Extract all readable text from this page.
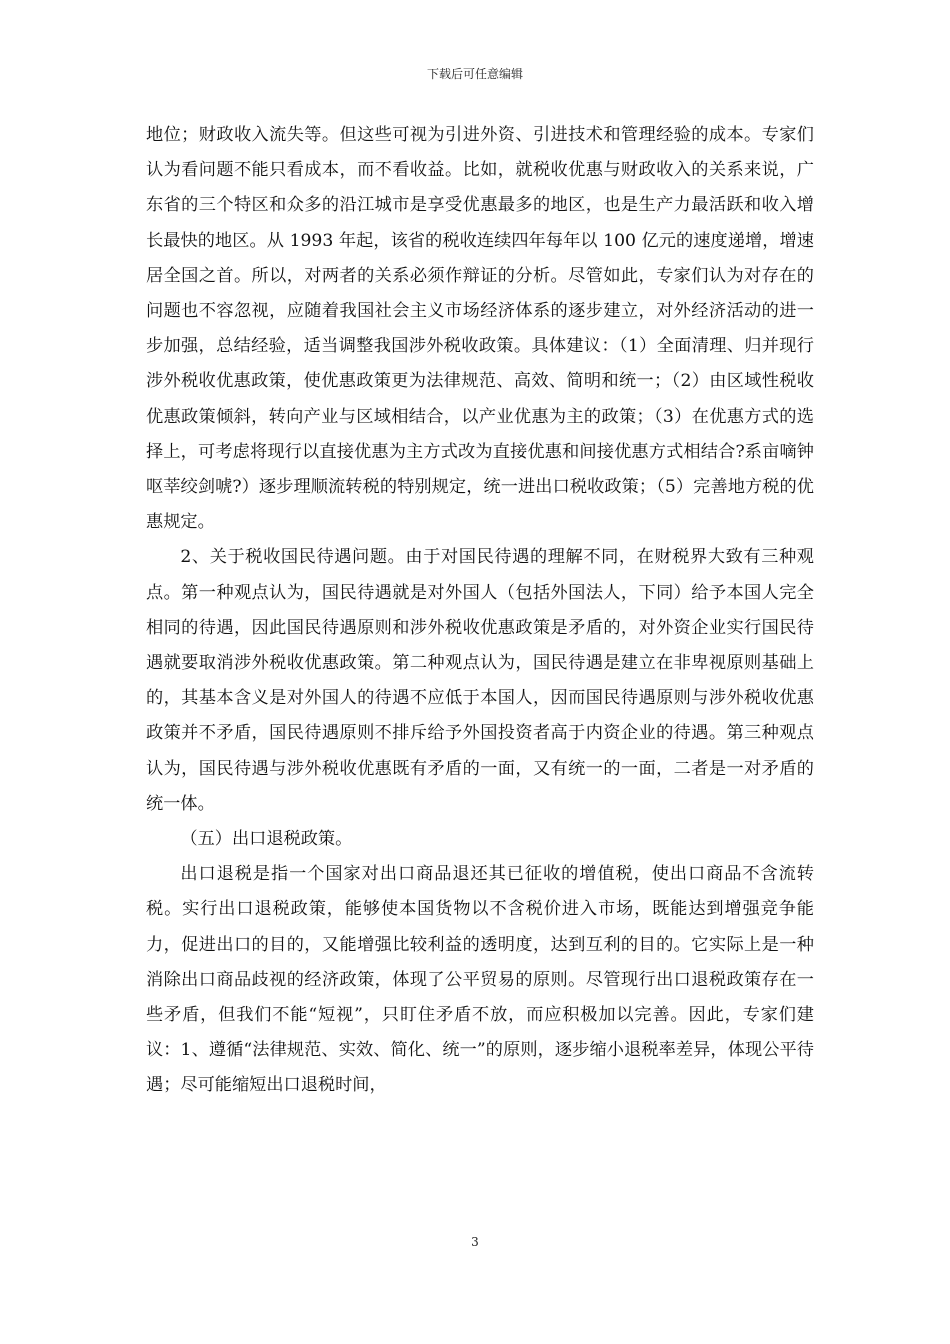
下载后可任意编辑

地位；财政收入流失等。但这些可视为引进外资、引进技术和管理经验的成本。专家们认为看问题不能只看成本，而不看收益。比如，就税收优惠与财政收入的关系来说，广东省的三个特区和众多的沿江城市是享受优惠最多的地区，也是生产力最活跃和收入增长最快的地区。从 1993 年起，该省的税收连续四年每年以 100 亿元的速度递增，增速居全国之首。所以，对两者的关系必须作辩证的分析。尽管如此，专家们认为对存在的问题也不容忽视，应随着我国社会主义市场经济体系的逐步建立，对外经济活动的进一步加强，总结经验，适当调整我国涉外税收政策。具体建议：（1）全面清理、归并现行涉外税收优惠政策，使优惠政策更为法律规范、高效、简明和统一；（2）由区域性税收优惠政策倾斜，转向产业与区域相结合，以产业优惠为主的政策；（3）在优惠方式的选择上，可考虑将现行以直接优惠为主方式改为直接优惠和间接优惠方式相结合?系亩嘀钟呕莘绞剑唬?）逐步理顺流转税的特别规定，统一进出口税收政策；（5）完善地方税的优惠规定。

2、关于税收国民待遇问题。由于对国民待遇的理解不同，在财税界大致有三种观点。第一种观点认为，国民待遇就是对外国人（包括外国法人，下同）给予本国人完全相同的待遇，因此国民待遇原则和涉外税收优惠政策是矛盾的，对外资企业实行国民待遇就要取消涉外税收优惠政策。第二种观点认为，国民待遇是建立在非卑视原则基础上的，其基本含义是对外国人的待遇不应低于本国人，因而国民待遇原则与涉外税收优惠政策并不矛盾，国民待遇原则不排斥给予外国投资者高于内资企业的待遇。第三种观点认为，国民待遇与涉外税收优惠既有矛盾的一面，又有统一的一面，二者是一对矛盾的统一体。

（五）出口退税政策。

出口退税是指一个国家对出口商品退还其已征收的增值税，使出口商品不含流转税。实行出口退税政策，能够使本国货物以不含税价进入市场，既能达到增强竞争能力，促进出口的目的，又能增强比较利益的透明度，达到互利的目的。它实际上是一种消除出口商品歧视的经济政策，体现了公平贸易的原则。尽管现行出口退税政策存在一些矛盾，但我们不能“短视”，只盯住矛盾不放，而应积极加以完善。因此，专家们建议：1、遵循“法律规范、实效、简化、统一”的原则，逐步缩小退税率差异，体现公平待遇；尽可能缩短出口退税时间，

3
